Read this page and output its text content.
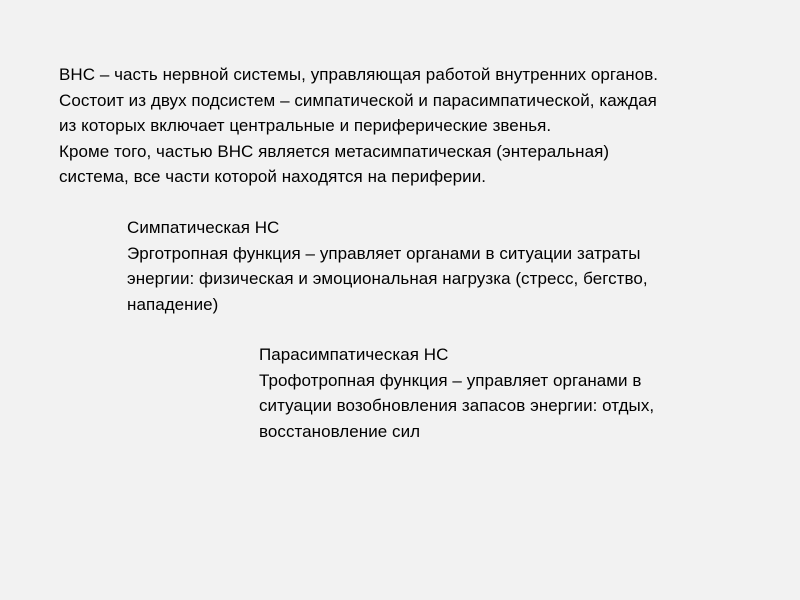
ВНС – часть нервной системы, управляющая работой внутренних органов.
Состоит из двух подсистем – симпатической и парасимпатической, каждая
из которых включает центральные и периферические звенья.
Кроме того, частью ВНС является метасимпатическая (энтеральная)
система, все части которой находятся на периферии.
Симпатическая НС
Эрготропная функция – управляет органами в ситуации затраты
энергии: физическая и эмоциональная нагрузка (стресс, бегство,
нападение)
Парасимпатическая НС
Трофотропная функция – управляет органами в
ситуации возобновления запасов энергии: отдых,
восстановление сил
